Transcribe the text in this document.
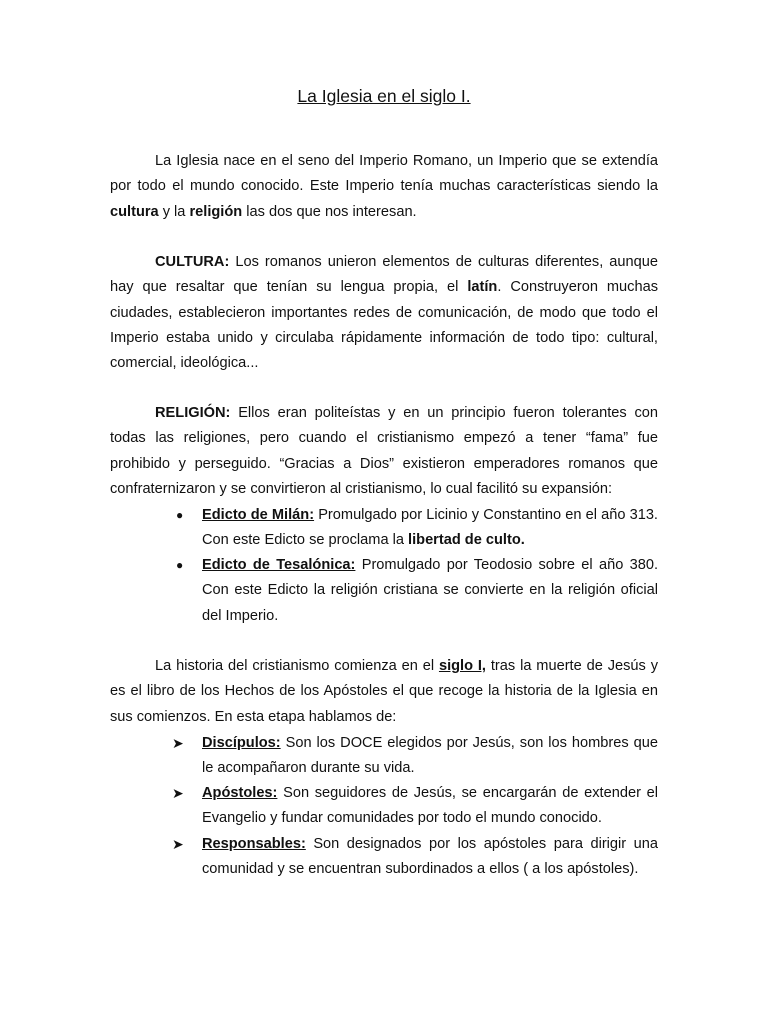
La Iglesia en el siglo I.

La Iglesia nace en el seno del Imperio Romano, un Imperio que se extendía por todo el mundo conocido. Este Imperio tenía muchas características siendo la cultura y la religión las dos que nos interesan.

CULTURA: Los romanos unieron elementos de culturas diferentes, aunque hay que resaltar que tenían su lengua propia, el latín. Construyeron muchas ciudades, establecieron importantes redes de comunicación, de modo que todo el Imperio estaba unido y circulaba rápidamente información de todo tipo: cultural, comercial, ideológica...

RELIGIÓN: Ellos eran politeístas y en un principio fueron tolerantes con todas las religiones, pero cuando el cristianismo empezó a tener “fama” fue prohibido y perseguido. “Gracias a Dios” existieron emperadores romanos que confraternizaron y se convirtieron al cristianismo, lo cual facilitó su expansión:

● Edicto de Milán: Promulgado por Licinio y Constantino en el año 313. Con este Edicto se proclama la libertad de culto.

● Edicto de Tesalónica: Promulgado por Teodosio sobre el año 380. Con este Edicto la religión cristiana se convierte en la religión oficial del Imperio.

La historia del cristianismo comienza en el siglo I, tras la muerte de Jesús y es el libro de los Hechos de los Apóstoles el que recoge la historia de la Iglesia en sus comienzos. En esta etapa hablamos de:

➤ Discípulos: Son los DOCE elegidos por Jesús, son los hombres que le acompañaron durante su vida.

➤ Apóstoles: Son seguidores de Jesús, se encargarán de extender el Evangelio y fundar comunidades por todo el mundo conocido.

➤ Responsables: Son designados por los apóstoles para dirigir una comunidad y se encuentran subordinados a ellos ( a los apóstoles).
